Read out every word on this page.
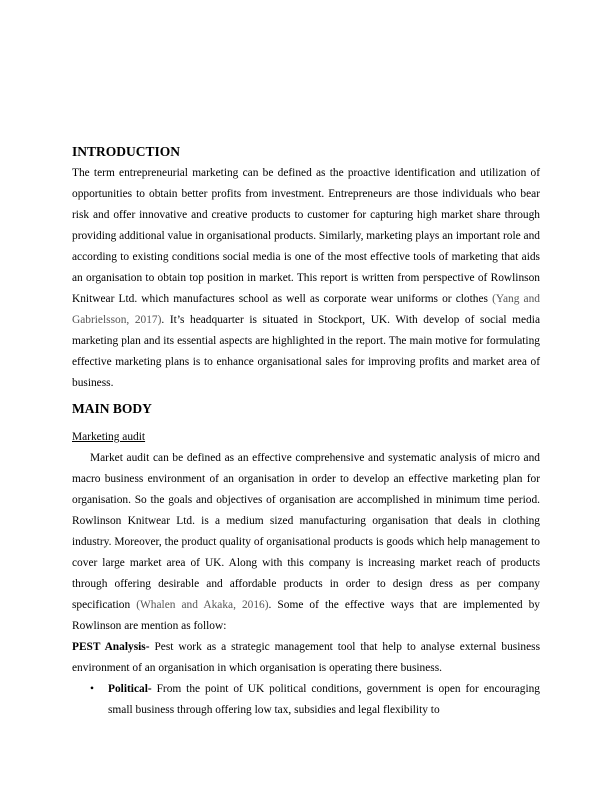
INTRODUCTION

The term entrepreneurial marketing can be defined as the proactive identification and utilization of opportunities to obtain better profits from investment. Entrepreneurs are those individuals who bear risk and offer innovative and creative products to customer for capturing high market share through providing additional value in organisational products. Similarly, marketing plays an important role and according to existing conditions social media is one of the most effective tools of marketing that aids an organisation to obtain top position in market. This report is written from perspective of Rowlinson Knitwear Ltd. which manufactures school as well as corporate wear uniforms or clothes (Yang and Gabrielsson, 2017). It’s headquarter is situated in Stockport, UK. With develop of social media marketing plan and its essential aspects are highlighted in the report. The main motive for formulating effective marketing plans is to enhance organisational sales for improving profits and market area of business.

MAIN BODY
Marketing audit

Market audit can be defined as an effective comprehensive and systematic analysis of micro and macro business environment of an organisation in order to develop an effective marketing plan for organisation. So the goals and objectives of organisation are accomplished in minimum time period. Rowlinson Knitwear Ltd. is a medium sized manufacturing organisation that deals in clothing industry. Moreover, the product quality of organisational products is goods which help management to cover large market area of UK. Along with this company is increasing market reach of products through offering desirable and affordable products in order to design dress as per company specification (Whalen and Akaka, 2016). Some of the effective ways that are implemented by Rowlinson are mention as follow:

PEST Analysis- Pest work as a strategic management tool that help to analyse external business environment of an organisation in which organisation is operating there business.

• Political- From the point of UK political conditions, government is open for encouraging small business through offering low tax, subsidies and legal flexibility to
